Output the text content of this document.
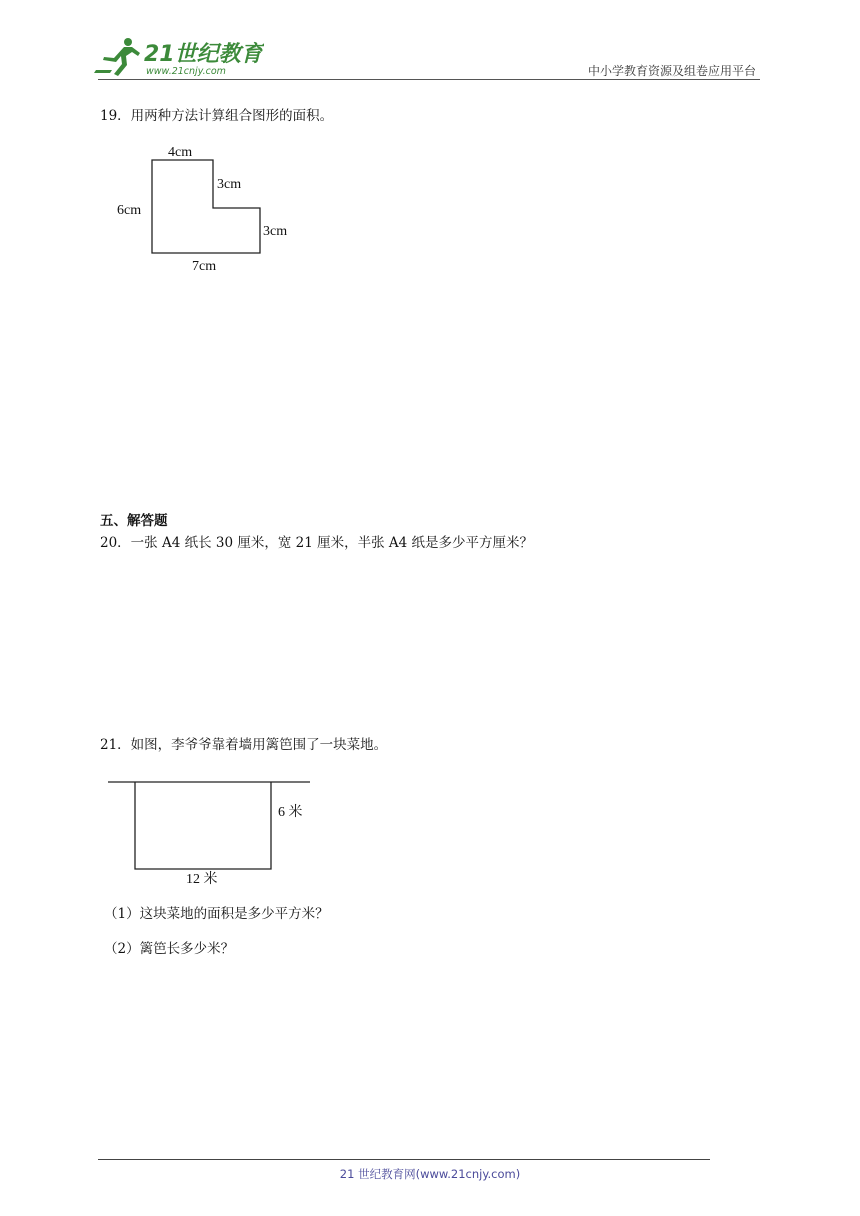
21世纪教育
www.21cnjy.com	中小学教育资源及组卷应用平台
19．用两种方法计算组合图形的面积。
4cm
3cm
6cm
3cm
7cm
五、解答题
20．一张 A4 纸长 30 厘米，宽 21 厘米，半张 A4 纸是多少平方厘米？
21．如图，李爷爷靠着墙用篱笆围了一块菜地。
6 米
12 米
（1）这块菜地的面积是多少平方米？
（2）篱笆长多少米？
21 世纪教育网(www.21cnjy.com)
